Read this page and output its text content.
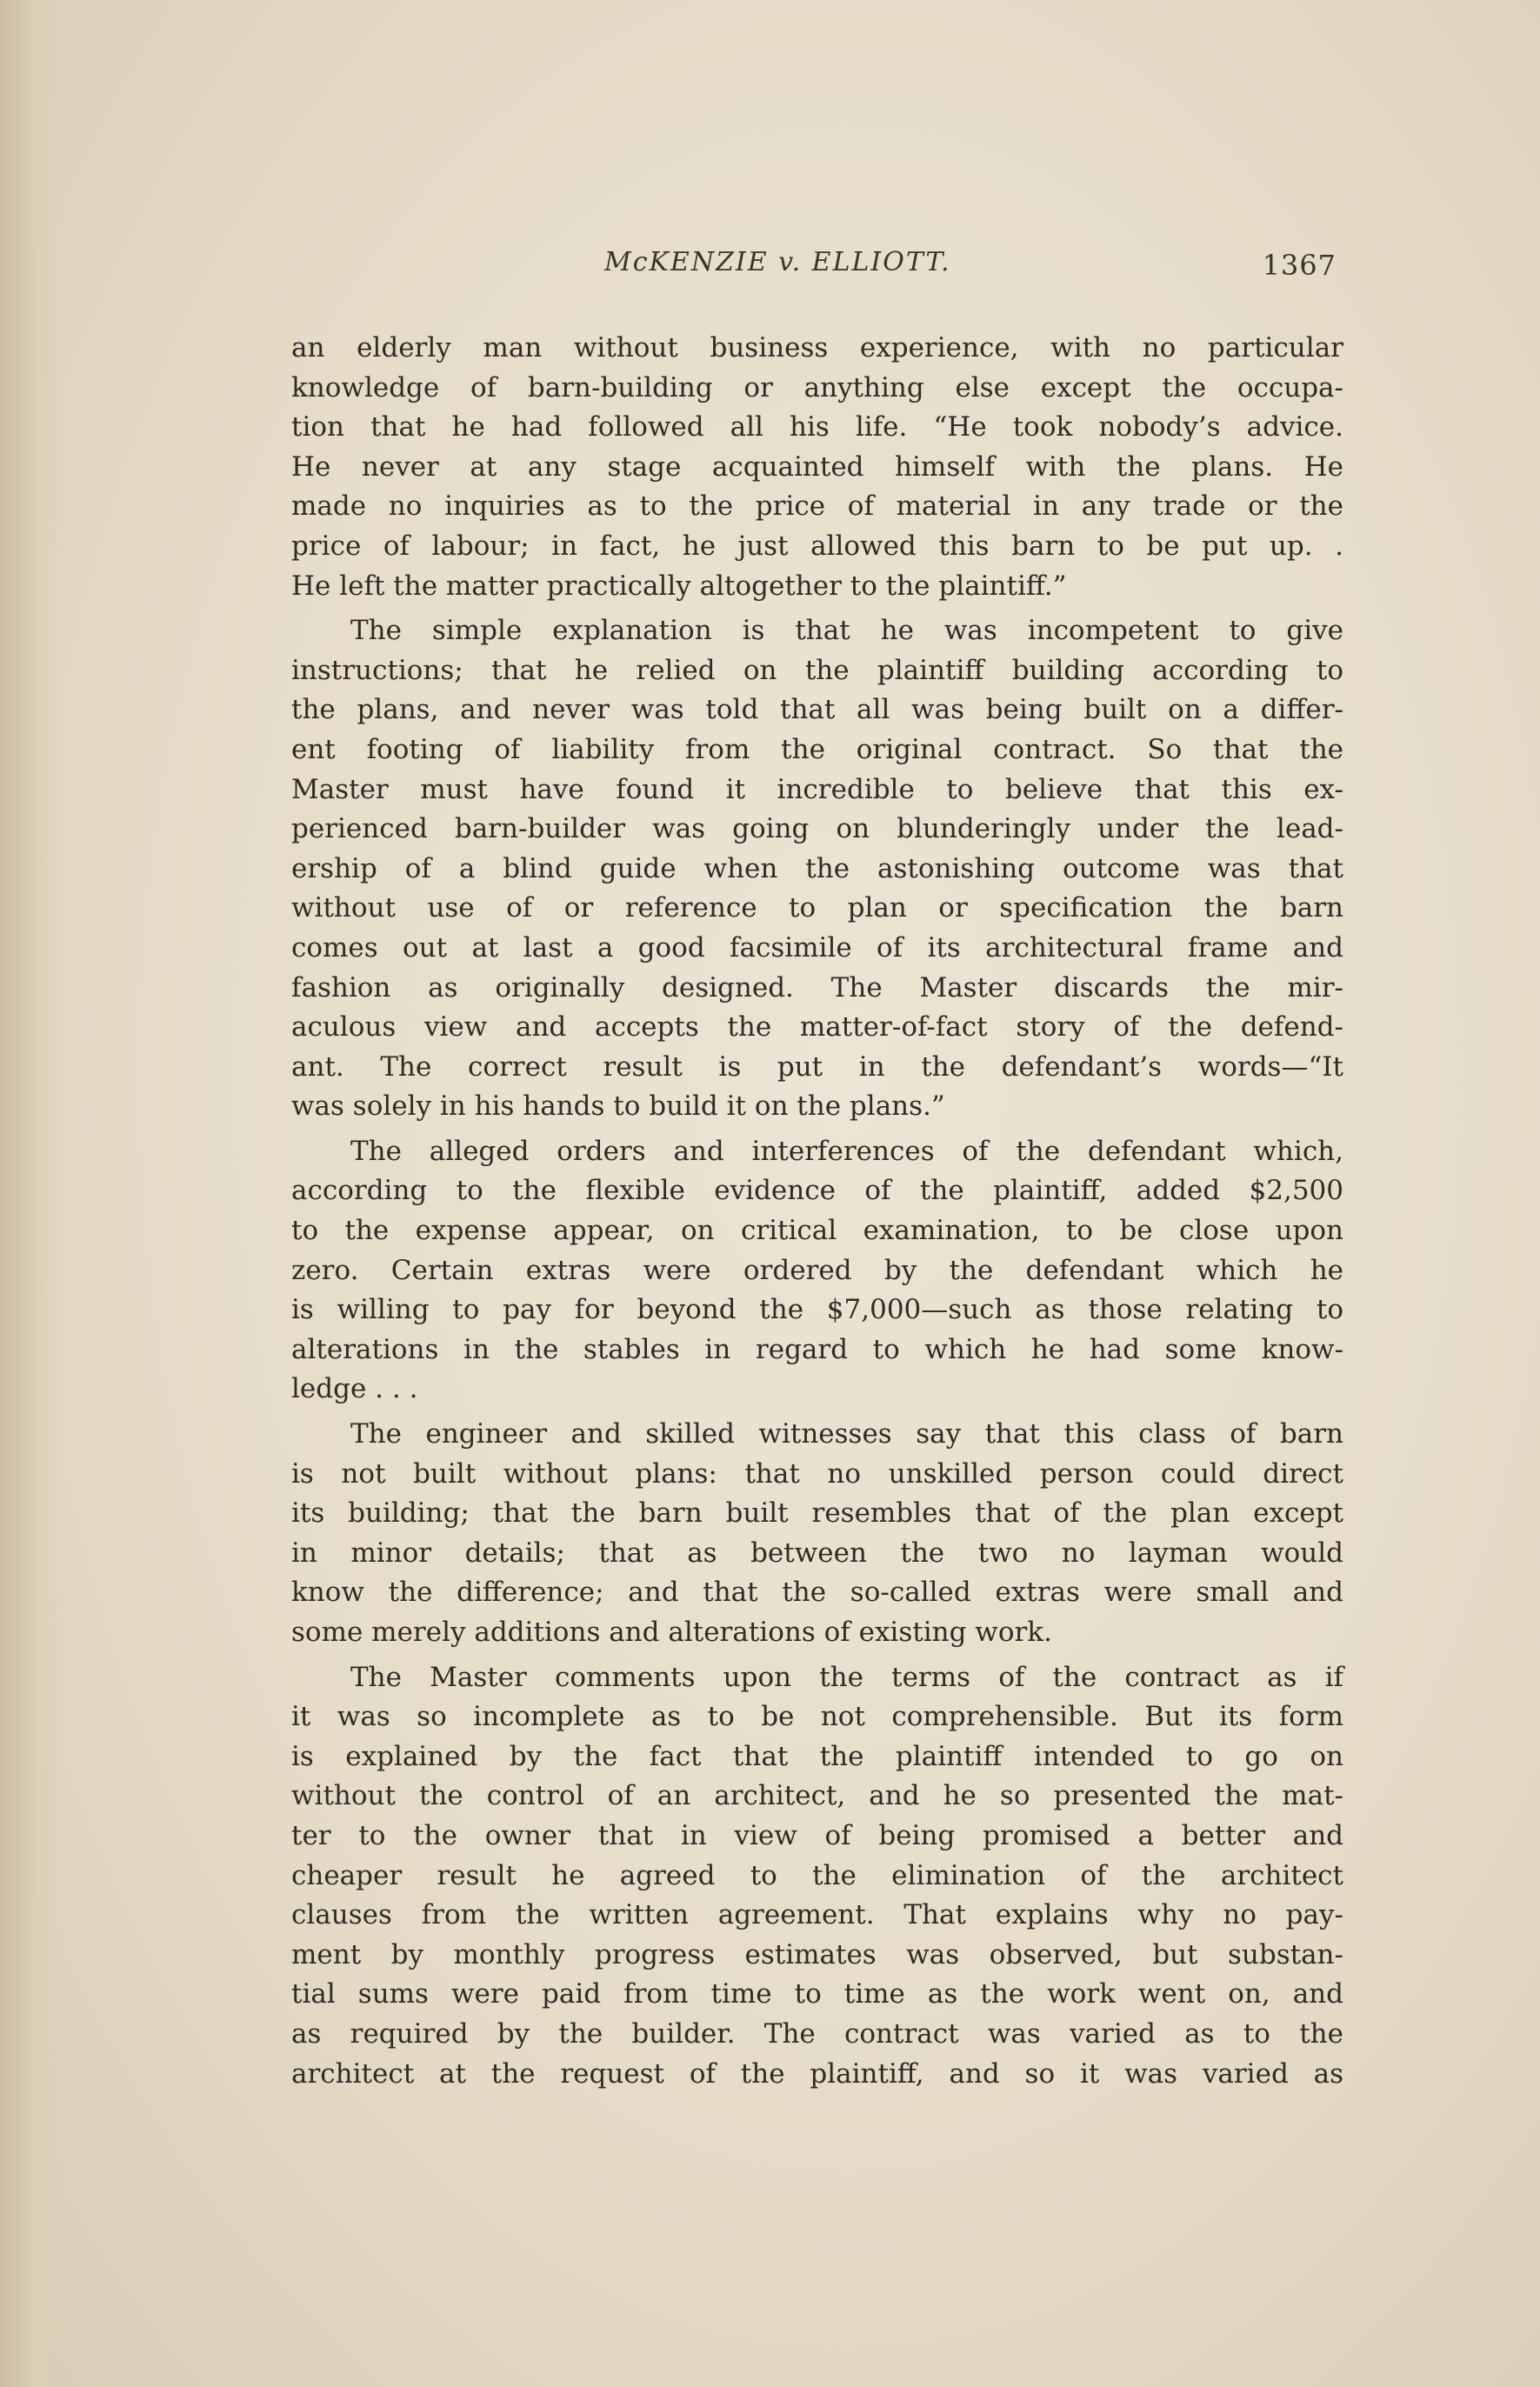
McKENZIE v. ELLIOTT.	1367
an elderly man without business experience, with no particular
knowledge of barn-building or anything else except the occupa-
tion that he had followed all his life. “He took nobody’s advice.
He never at any stage acquainted himself with the plans. He
made no inquiries as to the price of material in any trade or the
price of labour; in fact, he just allowed this barn to be put up. .
He left the matter practically altogether to the plaintiff.”
The simple explanation is that he was incompetent to give
instructions; that he relied on the plaintiff building according to
the plans, and never was told that all was being built on a differ-
ent footing of liability from the original contract. So that the
Master must have found it incredible to believe that this ex-
perienced barn-builder was going on blunderingly under the lead-
ership of a blind guide when the astonishing outcome was that
without use of or reference to plan or specification the barn
comes out at last a good facsimile of its architectural frame and
fashion as originally designed. The Master discards the mir-
aculous view and accepts the matter-of-fact story of the defend-
ant. The correct result is put in the defendant’s words—“It
was solely in his hands to build it on the plans.”
The alleged orders and interferences of the defendant which,
according to the flexible evidence of the plaintiff, added $2,500
to the expense appear, on critical examination, to be close upon
zero. Certain extras were ordered by the defendant which he
is willing to pay for beyond the $7,000—such as those relating to
alterations in the stables in regard to which he had some know-
ledge . . .
The engineer and skilled witnesses say that this class of barn
is not built without plans: that no unskilled person could direct
its building; that the barn built resembles that of the plan except
in minor details; that as between the two no layman would
know the difference; and that the so-called extras were small and
some merely additions and alterations of existing work.
The Master comments upon the terms of the contract as if
it was so incomplete as to be not comprehensible. But its form
is explained by the fact that the plaintiff intended to go on
without the control of an architect, and he so presented the mat-
ter to the owner that in view of being promised a better and
cheaper result he agreed to the elimination of the architect
clauses from the written agreement. That explains why no pay-
ment by monthly progress estimates was observed, but substan-
tial sums were paid from time to time as the work went on, and
as required by the builder. The contract was varied as to the
architect at the request of the plaintiff, and so it was varied as
